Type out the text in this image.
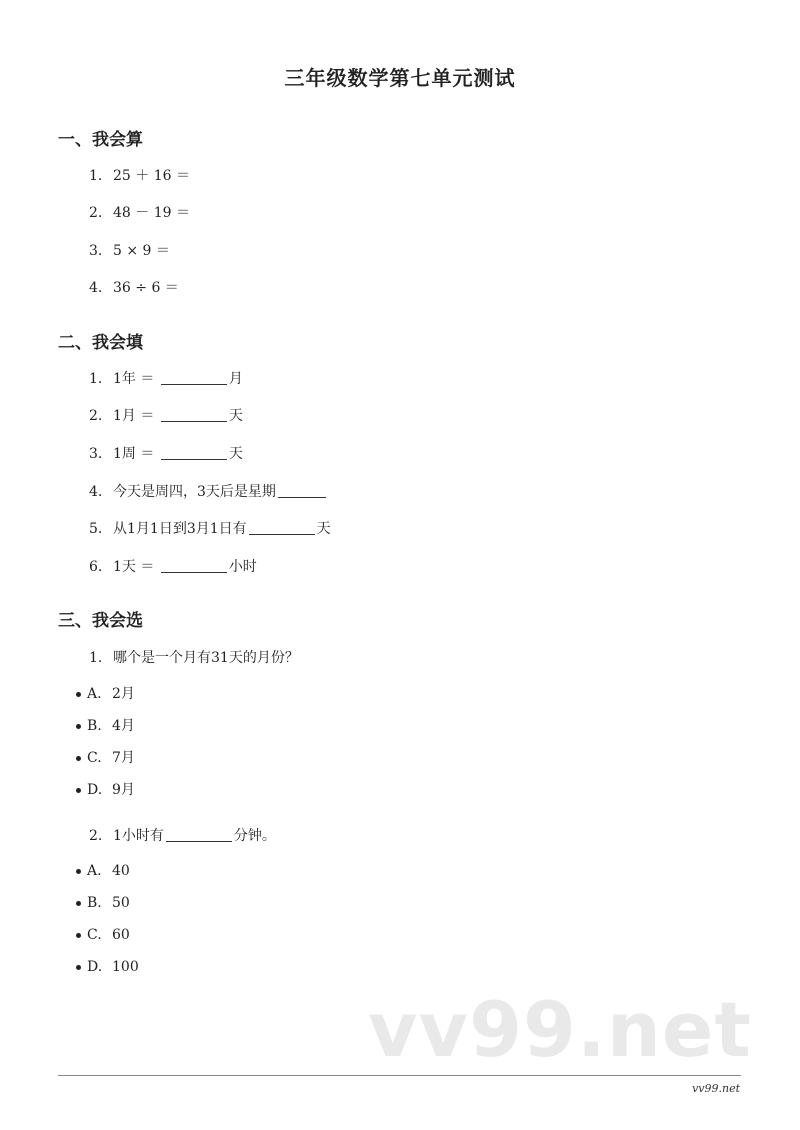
三年级数学第七单元测试
一、我会算
1. 25 ＋ 16 ＝
2. 48 － 19 ＝
3. 5 × 9 ＝
4. 36 ÷ 6 ＝
二、我会填
1. 1年 ＝	月
2. 1月 ＝	天
3. 1周 ＝	天
4. 今天是周四，3天后是星期
5. 从1月1日到3月1日有	天
6. 1天 ＝	小时
三、我会选
1. 哪个是一个月有31天的月份？
A. 2月
B. 4月
C. 7月
D. 9月
2. 1小时有	分钟。
A. 40
B. 50
C. 60
D. 100
vv99.net
vv99.net
